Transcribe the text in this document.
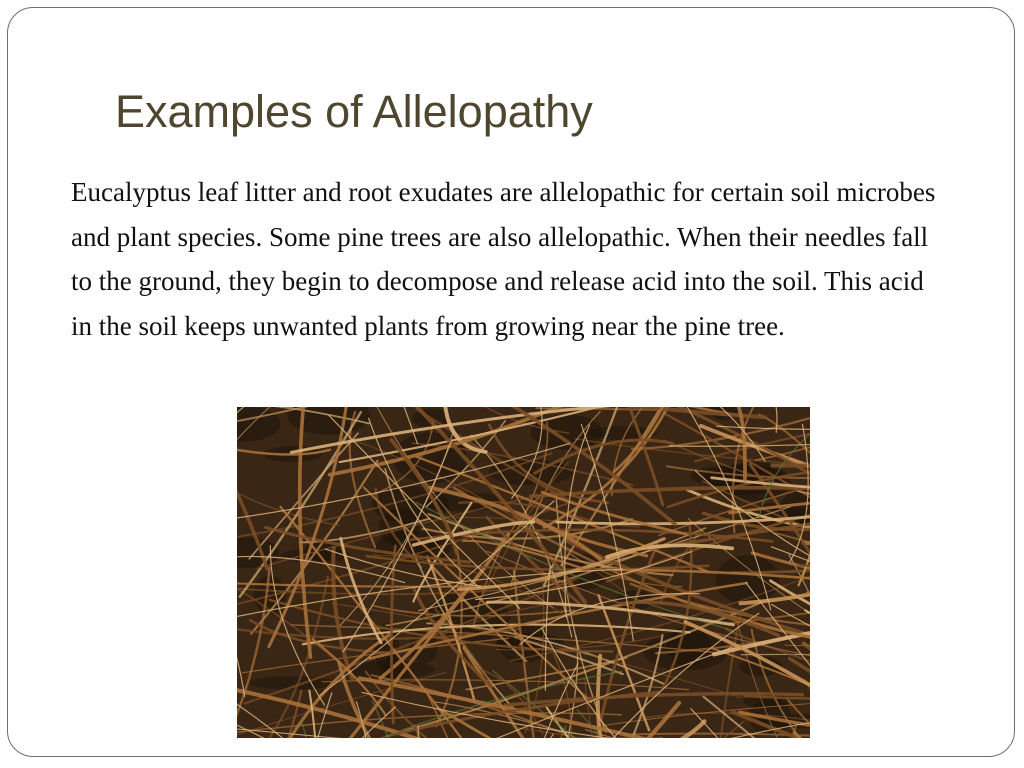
Examples of Allelopathy

Eucalyptus leaf litter and root exudates are allelopathic for certain soil microbes and plant species. Some pine trees are also allelopathic. When their needles fall to the ground, they begin to decompose and release acid into the soil. This acid in the soil keeps unwanted plants from growing near the pine tree.
